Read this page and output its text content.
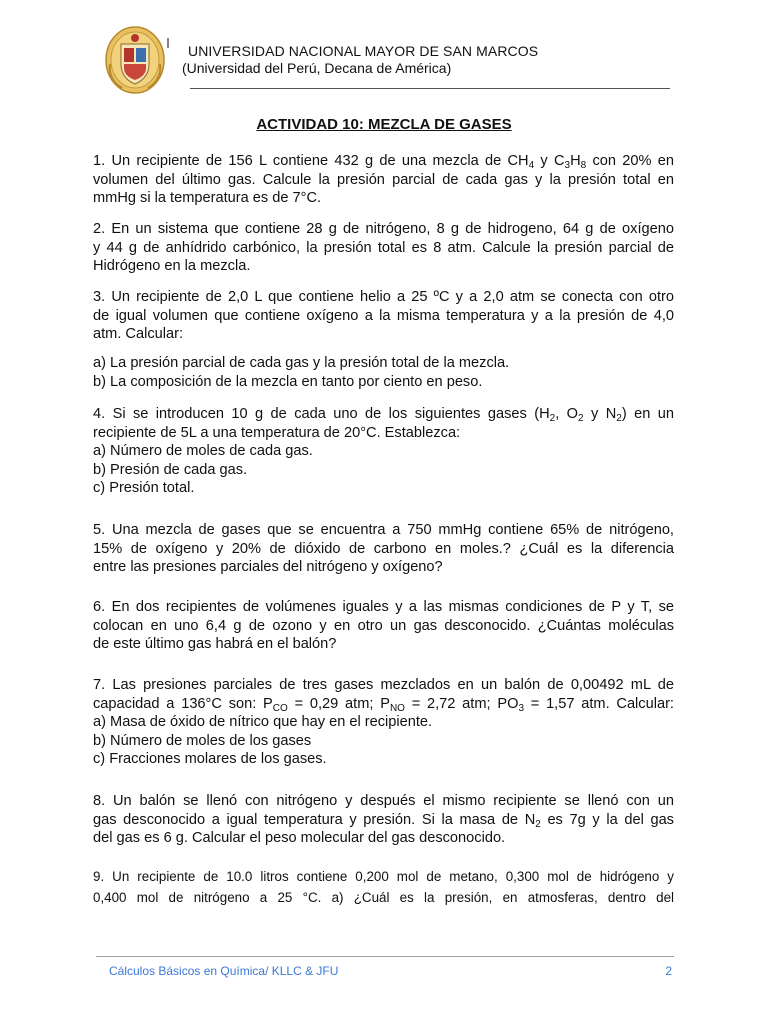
UNIVERSIDAD NACIONAL MAYOR DE SAN MARCOS
(Universidad del Perú, Decana de América)
ACTIVIDAD 10: MEZCLA DE GASES
1. Un recipiente de 156 L contiene 432 g de una mezcla de $CH_4$ y $C_3H_8$ con 20% en
volumen del último gas. Calcule la presión parcial de cada gas y la presión total en
mmHg si la temperatura es de 7°C.
2. En un sistema que contiene 28 g de nitrógeno, 8 g de hidrogeno, 64 g de oxígeno
y 44 g de anhídrido carbónico, la presión total es 8 atm. Calcule la presión parcial de
Hidrógeno en la mezcla.
3. Un recipiente de 2,0 L que contiene helio a 25 ºC y a 2,0 atm se conecta con otro
de igual volumen que contiene oxígeno a la misma temperatura y a la presión de 4,0
atm. Calcular:
a) La presión parcial de cada gas y la presión total de la mezcla.
b) La composición de la mezcla en tanto por ciento en peso.
4. Si se introducen 10 g de cada uno de los siguientes gases ($H_2$, $O_2$ y $N_2$) en un
recipiente de 5L a una temperatura de 20°C. Establezca:
a) Número de moles de cada gas.
b) Presión de cada gas.
c) Presión total.
5. Una mezcla de gases que se encuentra a 750 mmHg contiene 65% de nitrógeno,
15% de oxígeno y 20% de dióxido de carbono en moles.? ¿Cuál es la diferencia
entre las presiones parciales del nitrógeno y oxígeno?
6. En dos recipientes de volúmenes iguales y a las mismas condiciones de P y T, se
colocan en uno 6,4 g de ozono y en otro un gas desconocido. ¿Cuántas moléculas
de este último gas habrá en el balón?
7. Las presiones parciales de tres gases mezclados en un balón de 0,00492 mL de
capacidad a 136°C son: $P_{CO} = 0,29$ atm; $P_{NO} = 2,72$ atm; $PO_3 = 1,57$ atm. Calcular:
a) Masa de óxido de nítrico que hay en el recipiente.
b) Número de moles de los gases
c) Fracciones molares de los gases.
8. Un balón se llenó con nitrógeno y después el mismo recipiente se llenó con un
gas desconocido a igual temperatura y presión. Si la masa de $N_2$ es 7g y la del gas
del gas es 6 g. Calcular el peso molecular del gas desconocido.
9. Un recipiente de 10.0 litros contiene 0,200 mol de metano, 0,300 mol de hidrógeno y
0,400 mol de nitrógeno a 25 °C. a) ¿Cuál es la presión, en atmosferas, dentro del
Cálculos Básicos en Química/ KLLC & JFU	2
